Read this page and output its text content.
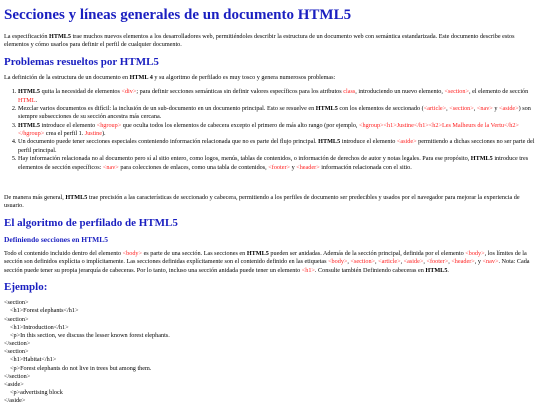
Secciones y líneas generales de un documento HTML5

La especificación HTML5 trae muchos nuevos elementos a los desarrolladores web, permitiéndoles describir la estructura de un documento web con semántica estandarizada. Este documento describe estos elementos y cómo usarlos para definir el perfil de cualquier documento.

Problemas resueltos por HTML5

La definición de la estructura de un documento en HTML 4 y su algoritmo de perfilado es muy tosco y genera numerosos problemas:

1. HTML5 quita la necesidad de elementos <div>; para definir secciones semánticas sin definir valores específicos para los atributos class, introduciendo un nuevo elemento, <section>, el elemento de sección HTML.
2. Mezclar varios documentos es difícil: la inclusión de un sub-documento en un documento principal. Esto se resuelve en HTML5 con los elementos de seccionado (<article>, <section>, <nav> y <aside>) son siempre subsecciones de su sección ancestra más cercana.
3. HTML5 introduce el elemento <hgroup> que oculta todos los elementos de cabecera excepto el primero de más alto rango (por ejemplo, <hgroup><h1>Justine</h1><h2>Les Malheurs de la Vertu</h2></hgroup> crea el perfil 1. Justine).
4. Un documento puede tener secciones especiales conteniendo información relacionada que no es parte del flujo principal. HTML5 introduce el elemento <aside> permitiendo a dichas secciones no ser parte del perfil principal.
5. Hay información relacionada no al documento pero sí al sitio entero, como logos, menús, tablas de contenidos, o información de derechos de autor y notas legales. Para ese propósito, HTML5 introduce tres elementos de sección específicos: <nav> para colecciones de enlaces, como una tabla de contenidos, <footer> y <header> información relacionada con el sitio.

De manera más general, HTML5 trae precisión a las características de seccionado y cabecera, permitiendo a los perfiles de documento ser predecibles y usados por el navegador para mejorar la experiencia de usuario.

El algoritmo de perfilado de HTML5
Definiendo secciones en HTML5

Todo el contenido incluido dentro del elemento <body> es parte de una sección. Las secciones en HTML5 pueden ser anidadas. Además de la sección principal, definida por el elemento <body>, los límites de la sección son definidos explícita o implícitamente. Las secciones definidas explícitamente son el contenido definido en las etiquetas <body>, <section>, <article>, <aside>, <footer>, <header>, y <nav>. Nota: Cada sección puede tener su propia jerarquía de cabeceras. Por lo tanto, incluso una sección anidada puede tener un elemento <h1>. Consulte también Definiendo cabeceras en HTML5.

Ejemplo:
<section>
<h1>Forest elephants</h1>
<section>
<h1>Introduction</h1>
<p>In this section, we discuss the lesser known forest elephants.
</section>
<section>
<h1>Habitat</h1>
<p>Forest elephants do not live in trees but among them.
</section>
<aside>
<p>advertising block
</aside>
